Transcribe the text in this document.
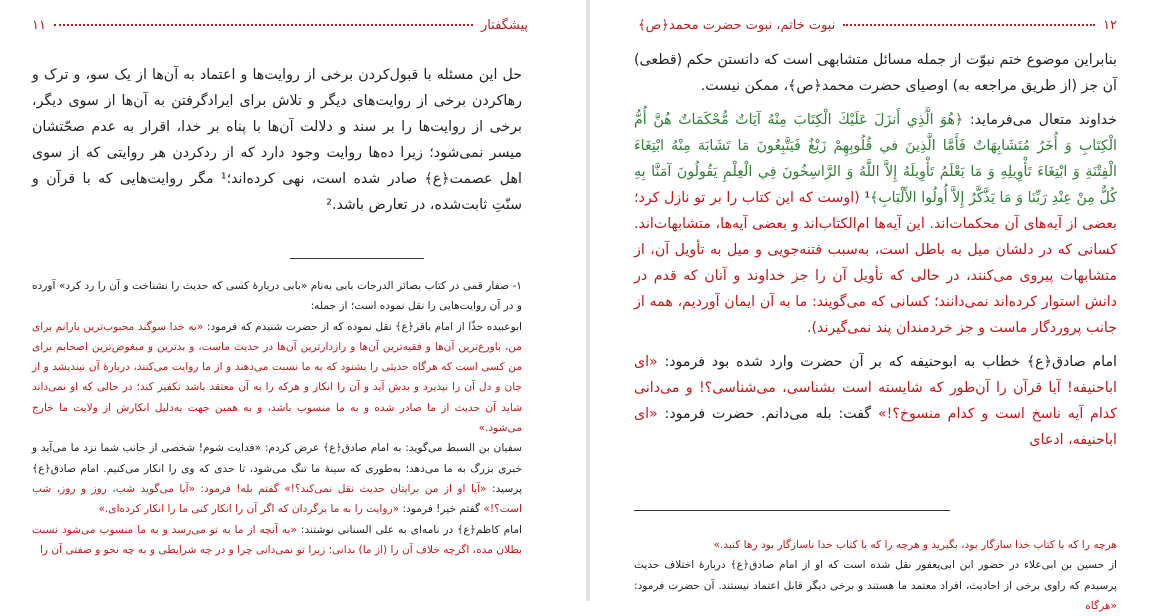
پیشگفتار
۱۱

حل این مسئله با قبول‌کردن برخی از روایت‌ها و اعتماد به آن‌ها از یک سو، و ترک و رهاکردن برخی از روایت‌های دیگر و تلاش برای ایرادگرفتن به آن‌ها از سوی دیگر، برخی از روایت‌ها را بر سند و دلالت آن‌ها با پناه بر خدا، اقرار به عدم صحّتشان میسر نمی‌شود؛ زیرا ده‌ها روایت وجود دارد که از ردکردن هر روایتی که از سوی اهل عصمت﴿ع﴾ صادر شده است، نهی کرده‌اند؛¹ مگر روایت‌هایی که با قرآن و سنّتِ ثابت‌شده، در تعارض باشد.²

۱- صفار قمی در کتاب بصائر الدرجات بابی به‌نام «بابی دربارهٔ کسی که حدیث را نشناخت و آن را رد کرد» آورده و در آن روایت‌هایی را نقل نموده است؛ از جمله:

ابوعبیده حذّا از امام باقر﴿ع﴾ نقل نموده که از حضرت شنیدم که فرمود: «به خدا سوگند محبوب‌ترین یارانم برای من، باورع‌ترین آن‌ها و فقیه‌ترین آن‌ها و رازدارترین آن‌ها در حدیث ماست، و بدترین و مبغوض‌ترین اصحابم برای من کسی است که هرگاه حدیثی را بشنود که به ما نسبت می‌دهند و از ما روایت می‌کنند، دربارهٔ آن نیندیشد و از جان و دل آن را نپذیرد و بدش آید و آن را انکار و هرکه را به آن معتقد باشد تکفیر کند؛ در حالی که او نمی‌داند شاید آن حدیث از ما صادر شده و به ما منسوب باشد، و به همین جهت به‌دلیل انکارش از ولایت ما خارج می‌شود.»

سفیان بن السبط می‌گوید: به امام صادق﴿ع﴾ عرض کردم: «فدایت شوم! شخصی از جانب شما نزد ما می‌آید و خبری بزرگ به ما می‌دهد؛ به‌طوری که سینهٔ ما تنگ می‌شود، تا حدی که وی را انکار می‌کنیم. امام صادق﴿ع﴾ پرسید: «آیا او از من برایتان حدیث نقل نمی‌کند؟!» گفتم بله! فرمود: «آیا می‌گوید شب، روز و روز، شب است؟!» گفتم خیر! فرمود: «روایت را به ما برگردان که اگر آن را انکار کنی ما را انکار کرده‌ای.»

امام کاظم﴿ع﴾ در نامه‌ای به علی السنانی نوشتند: «به آنچه از ما به تو می‌رسد و به ما منسوب می‌شود نسبت بطلان مده، اگرچه خلاف آن را (از ما) بدانی؛ زیرا تو نمی‌دانی چرا و در چه شرایطی و به چه نحو و صفتی آن را

۱۲
نبوت خاتم، نبوت حضرت محمد﴿ص﴾

بنابراین موضوع ختم نبوّت از جمله مسائل متشابهی است که دانستن حکم (قطعی) آن جز (از طریق مراجعه به) اوصیای حضرت محمد﴿ص﴾، ممکن نیست.

خداوند متعال می‌فرماید: ﴿هُوَ الَّذِي أَنزَلَ عَلَيْكَ الْكِتَابَ مِنْهُ آيَاتٌ مُّحْكَمَاتٌ هُنَّ أُمُّ الْكِتَابِ وَ أُخَرُ مُتَشَابِهَاتٌ فَأَمَّا الَّذِينَ في قُلُوبِهِمْ زَيْغٌ فَيَتَّبِعُونَ مَا تَشَابَهَ مِنْهُ ابْتِغَاءَ الْفِتْنَةِ وَ ابْتِغَاءَ تَأْوِيلِهِ وَ مَا يَعْلَمُ تَأْوِيلَهُ إِلاَّ اللَّهُ وَ الرَّاسِخُونَ فِي الْعِلْمِ يَقُولُونَ آمَنَّا بِهِ كُلٌّ مِنْ عِنْدِ رَبِّنَا وَ مَا يَذَّكَّرُ إِلاَّ أُولُوا الأَلْبَابِ﴾¹ (اوست که این کتاب را بر تو نازل کرد؛ بعضی از آیه‌های آن محکمات‌اند. این آیه‌ها ام‌الکتاب‌اند و بعضی آیه‌ها، متشابهات‌اند. کسانی که در دلشان میل به باطل است، به‌سبب فتنه‌جویی و میل به تأویل آن، از متشابهات پیروی می‌کنند، در حالی که تأویل آن را جز خداوند و آنان که قدم در دانش استوار کرده‌اند نمی‌دانند؛ کسانی که می‌گویند: ما به آن ایمان آوردیم، همه از جانب پروردگار ماست و جز خردمندان پند نمی‌گیرند).

امام صادق﴿ع﴾ خطاب به ابوحنیفه که بر آن حضرت وارد شده بود فرمود: «ای اباحنیفه! آیا قرآن را آن‌طور که شایسته است بشناسی، می‌شناسی؟! و می‌دانی کدام آیه ناسخ است و کدام منسوخ؟!» گفت: بله می‌دانم. حضرت فرمود: «ای اباحنیفه، ادعای

هرچه را که با کتاب خدا سازگار بود، بگیرید و هرچه را که با کتاب خدا ناسازگار بود رها کنید.»

از حسین بن ابی‌علاء در حضور ابن ابی‌یعفور نقل شده است که او از امام صادق﴿ع﴾ دربارهٔ اختلاف حدیث پرسیدم که راوی برخی از احادیث، افراد معتمد ما هستند و برخی دیگر قابل اعتماد نیستند. آن حضرت فرمود: «هرگاه
